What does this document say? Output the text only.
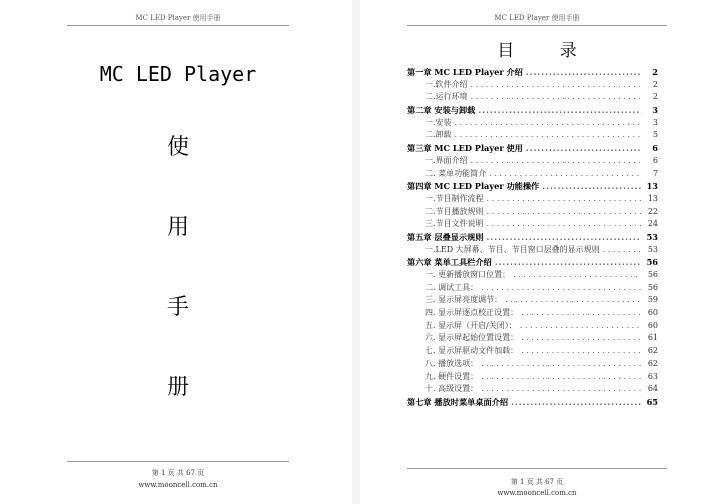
MC LED Player 使用手册
MC LED Player
使
用
手
册
第 1 页 共 67 页
www.mooncell.com.cn
MC LED Player 使用手册
目 录
第一章 MC LED Player 介绍 .....	2
一.软件介绍 . . .	2
二.运行环境 . . .	2
第二章 安装与卸载 .....	3
一.安装 . . .	3
二.卸载 . . .	5
第三章 MC LED Player 使用 .....	6
一.界面介绍 . . .	6
二. 菜单功能简介 . . .	7
第四章 MC LED Player 功能操作 .....	13
一.节目制作流程 . . .	13
二.节目播放规则 . . .	22
三.节目文件说明 . . .	24
第五章 层叠显示规则 .....	53
一.LED 大屏幕、节目、节目窗口层叠的显示规则 . . .	53
第六章 菜单工具栏介绍 .....	56
一. 更新播放窗口位置： . . .	56
二. 调试工具： . . .	56
三. 显示屏亮度调节： . . .	59
四. 显示屏逐点校正设置： . . .	60
五. 显示屏（开启/关闭）： . . .	60
六. 显示屏起始位置设置： . . .	61
七. 显示屏驱动文件加载： . . .	62
八. 播放选项： . . .	62
九. 硬件设置： . . .	63
十. 高级设置： . . .	64
第七章 播放时菜单桌面介绍 .....	65
第 1 页 共 67 页
www.mooncell.com.cn
